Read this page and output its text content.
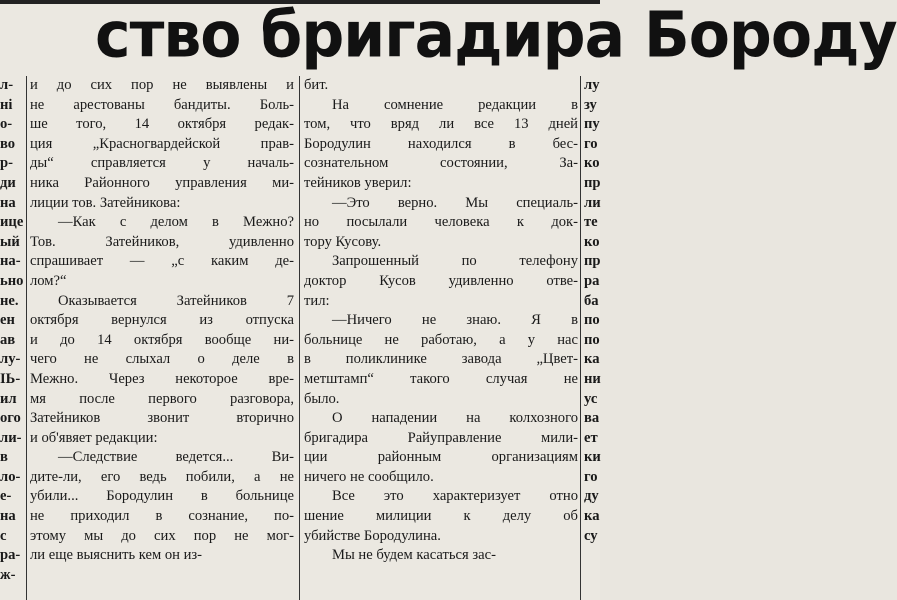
ство бригадира Бороду
л-
ні
о-
во
р-
ди
на
ице
ый
на-
ьно
не.
ен
ав
лу-
ІЬ-
ил
ого
ли-
в
ло-
е-
на
с
ра-
ж-
и до сих пор не выявлены и
не арестованы бандиты. Боль-
ше того, 14 октября редак-
ция „Красногвардейской прав-
ды“ справляется у началь-
ника Районного управления ми-
лиции тов. Затейникова:
—Как с делом в Межно?
Тов. Затейников, удивленно
спрашивает — „с каким де-
лом?“
Оказывается Затейников 7
октября вернулся из отпуска
и до 14 октября вообще ни-
чего не слыхал о деле в
Межно. Через некоторое вре-
мя после первого разговора,
Затейников звонит вторично
и об'явяет редакции:
—Следствие ведется... Ви-
дите-ли, его ведь побили, а не
убили... Бородулин в больнице
не приходил в сознание, по-
этому мы до сих пор не мог-
ли еще выяснить кем он из-
бит.
На сомнение редакции в
том, что вряд ли все 13 дней
Бородулин находился в бес-
сознательном состоянии, За-
тейников уверил:
—Это верно. Мы специаль-
но посылали человека к док-
тору Кусову.
Запрошенный по телефону
доктор Кусов удивленно отве-
тил:
—Ничего не знаю. Я в
больнице не работаю, а у нас
в поликлинике завода „Цвет-
метштамп“ такого случая не
было.
О нападении на колхозного
бригадира Райуправление мили-
ции районным организациям
ничего не сообщило.
Все это характеризует отно
шение милиции к делу об
убийстве Бородулина.
Мы не будем касаться зас-
лу
зу
пу
го
ко
пр
ли
те
ко
пр
ра
ба
по
по
ка
ни
ус
ва
ет
ки
го
ду
ка
су
